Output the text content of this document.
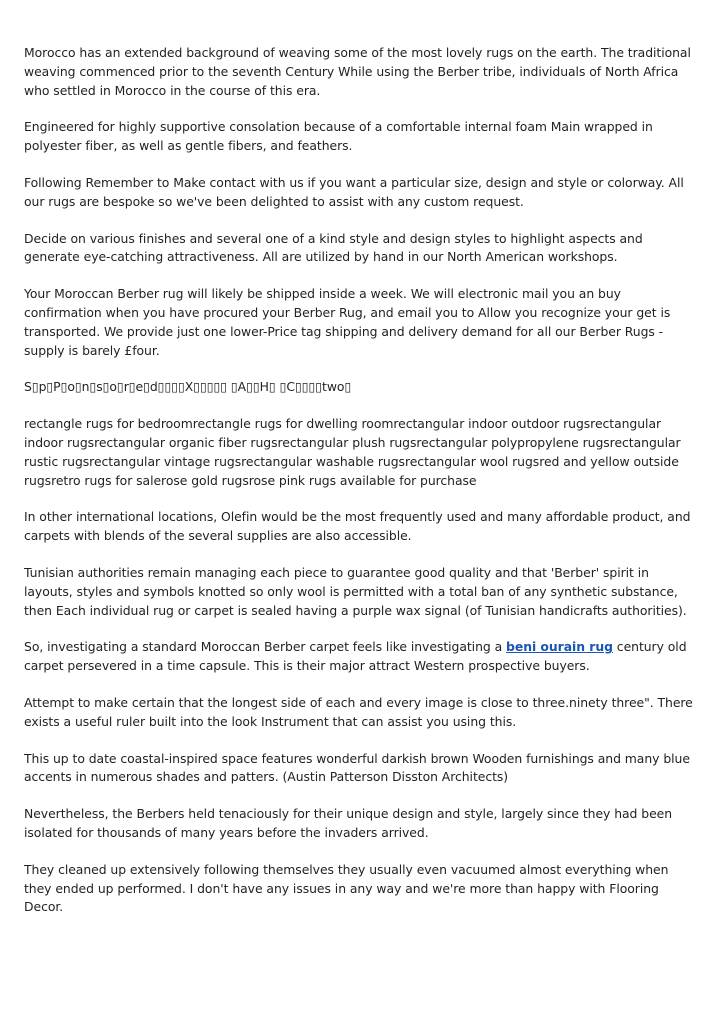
Morocco has an extended background of weaving some of the most lovely rugs on the earth. The traditional weaving commenced prior to the seventh Century While using the Berber tribe, individuals of North Africa who settled in Morocco in the course of this era.

Engineered for highly supportive consolation because of a comfortable internal foam Main wrapped in polyester fiber, as well as gentle fibers, and feathers.

Following Remember to Make contact with us if you want a particular size, design and style or colorway. All our rugs are bespoke so we've been delighted to assist with any custom request.

Decide on various finishes and several one of a kind style and design styles to highlight aspects and generate eye-catching attractiveness. All are utilized by hand in our North American workshops.

Your Moroccan Berber rug will likely be shipped inside a week. We will electronic mail you an buy confirmation when you have procured your Berber Rug, and email you to Allow you recognize your get is transported. We provide just one lower-Price tag shipping and delivery demand for all our Berber Rugs - supply is barely £four.

S▯p▯P▯o▯n▯s▯o▯r▯e▯d▯▯▯▯X▯▯▯▯▯ ▯A▯▯H▯ ▯C▯▯▯▯two▯

rectangle rugs for bedroomrectangle rugs for dwelling roomrectangular indoor outdoor rugsrectangular indoor rugsrectangular organic fiber rugsrectangular plush rugsrectangular polypropylene rugsrectangular rustic rugsrectangular vintage rugsrectangular washable rugsrectangular wool rugsred and yellow outside rugsretro rugs for salerose gold rugsrose pink rugs available for purchase

In other international locations, Olefin would be the most frequently used and many affordable product, and carpets with blends of the several supplies are also accessible.

Tunisian authorities remain managing each piece to guarantee good quality and that 'Berber' spirit in layouts, styles and symbols knotted so only wool is permitted with a total ban of any synthetic substance, then Each individual rug or carpet is sealed having a purple wax signal (of Tunisian handicrafts authorities).

So, investigating a standard Moroccan Berber carpet feels like investigating a beni ourain rug century old carpet persevered in a time capsule. This is their major attract Western prospective buyers.

Attempt to make certain that the longest side of each and every image is close to three.ninety three". There exists a useful ruler built into the look Instrument that can assist you using this.

This up to date coastal-inspired space features wonderful darkish brown Wooden furnishings and many blue accents in numerous shades and patters. (Austin Patterson Disston Architects)

Nevertheless, the Berbers held tenaciously for their unique design and style, largely since they had been isolated for thousands of many years before the invaders arrived.

They cleaned up extensively following themselves they usually even vacuumed almost everything when they ended up performed. I don't have any issues in any way and we're more than happy with Flooring Decor.
